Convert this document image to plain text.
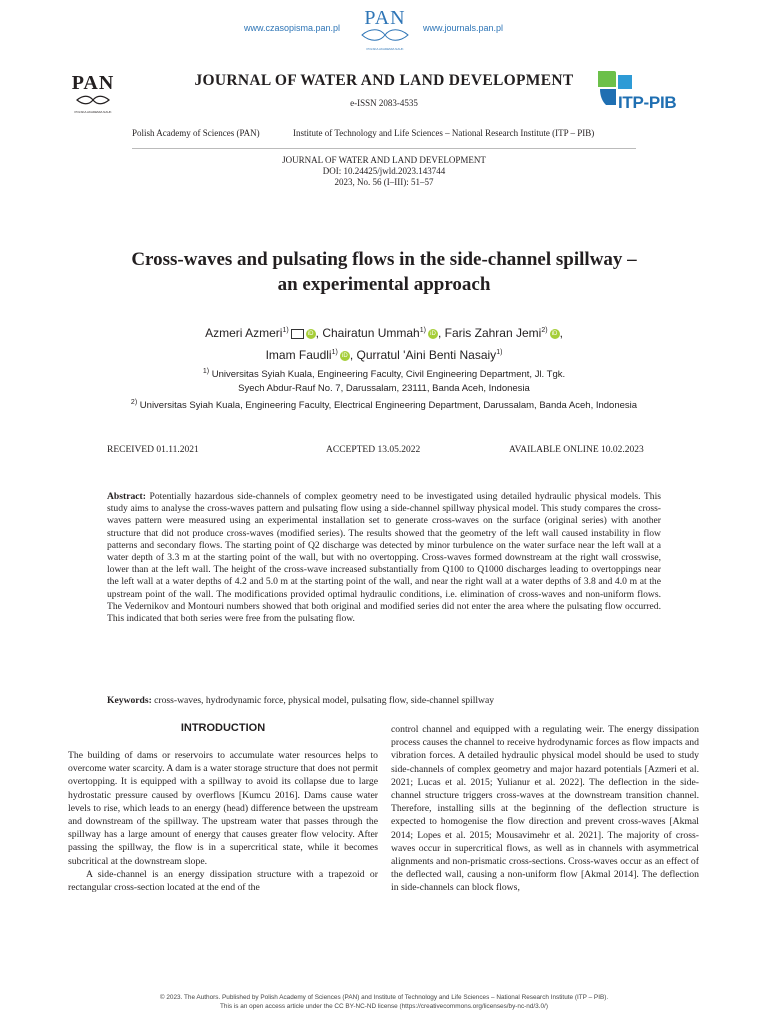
www.czasopisma.pan.pl	PAN
POLSKA AKADEMIA NAUK
www.journals.pan.pl
PAN
POLSKA AKADEMIA NAUK
JOURNAL OF WATER AND LAND DEVELOPMENT
e-ISSN 2083-4535	ITP-PIB
Polish Academy of Sciences (PAN)	Institute of Technology and Life Sciences – National Research Institute (ITP – PIB)
JOURNAL OF WATER AND LAND DEVELOPMENT
DOI: 10.24425/jwld.2023.143744
2023, No. 56 (I–III): 51–57
Cross-waves and pulsating flows in the side-channel spillway –
an experimental approach
Azmeri Azmeri$^{1)}$	iD , Chairatun Ummah$^{1)}$ iD , Faris Zahran Jemi$^{2)}$ iD ,
Imam Faudli$^{1)}$ iD , Qurratul 'Aini Benti Nasaiy$^{1)}$
$^{1)}$ Universitas Syiah Kuala, Engineering Faculty, Civil Engineering Department, Jl. Tgk.
Syech Abdur-Rauf No. 7, Darussalam, 23111, Banda Aceh, Indonesia
$^{2)}$ Universitas Syiah Kuala, Engineering Faculty, Electrical Engineering Department, Darussalam, Banda Aceh, Indonesia
RECEIVED 01.11.2021	ACCEPTED 13.05.2022	AVAILABLE ONLINE 10.02.2023
Abstract: Potentially hazardous side-channels of complex geometry need to be investigated using detailed hydraulic physical models. This study aims to analyse the cross-waves pattern and pulsating flow using a side-channel spillway physical model. This study compares the cross-waves pattern were measured using an experimental installation set to generate cross-waves on the surface (original series) with another structure that did not produce cross-waves (modified series). The results showed that the geometry of the left wall caused instability in flow patterns and secondary flows. The starting point of Q2 discharge was detected by minor turbulence on the water surface near the left wall at a water depth of 3.3 m at the starting point of the wall, but with no overtopping. Cross-waves formed downstream at the right wall crosswise, lower than at the left wall. The height of the cross-wave increased substantially from Q100 to Q1000 discharges leading to overtoppings near the left wall at a water depths of 4.2 and 5.0 m at the starting point of the wall, and near the right wall at a water depths of 3.8 and 4.0 m at the upstream point of the wall. The modifications provided optimal hydraulic conditions, i.e. elimination of cross-waves and non-uniform flows. The Vedernikov and Montouri numbers showed that both original and modified series did not enter the area where the pulsating flow occurred. This indicated that both series were free from the pulsating flow.
Keywords: cross-waves, hydrodynamic force, physical model, pulsating flow, side-channel spillway
INTRODUCTION

The building of dams or reservoirs to accumulate water resources helps to overcome water scarcity. A dam is a water storage structure that does not permit overtopping. It is equipped with a spillway to avoid its collapse due to large hydrostatic pressure caused by overflows [Kumcu 2016]. Dams cause water levels to rise, which leads to an energy (head) difference between the upstream and downstream of the spillway. The upstream water that passes through the spillway has a large amount of energy that causes greater flow velocity. After passing the spillway, the flow is in a supercritical state, while it becomes subcritical at the downstream slope.

A side-channel is an energy dissipation structure with a trapezoid or rectangular cross-section located at the end of the

control channel and equipped with a regulating weir. The energy dissipation process causes the channel to receive hydrodynamic forces as flow impacts and vibration forces. A detailed hydraulic physical model should be used to study side-channels of complex geometry and major hazard potentials [Azmeri et al. 2021; Lucas et al. 2015; Yulianur et al. 2022]. The deflection in the side-channel structure triggers cross-waves at the downstream transition channel. Therefore, installing sills at the beginning of the deflection structure is expected to homogenise the flow direction and prevent cross-waves [Akmal 2014; Lopes et al. 2015; Mousavimehr et al. 2021]. The majority of cross-waves occur in supercritical flows, as well as in channels with asymmetrical alignments and non-prismatic cross-sections. Cross-waves occur as an effect of the deflected wall, causing a non-uniform flow [Akmal 2014]. The deflection in side-channels can block flows,

© 2023. The Authors. Published by Polish Academy of Sciences (PAN) and Institute of Technology and Life Sciences – National Research Institute (ITP – PIB).
This is an open access article under the CC BY-NC-ND license (https://creativecommons.org/licenses/by-nc-nd/3.0/)
